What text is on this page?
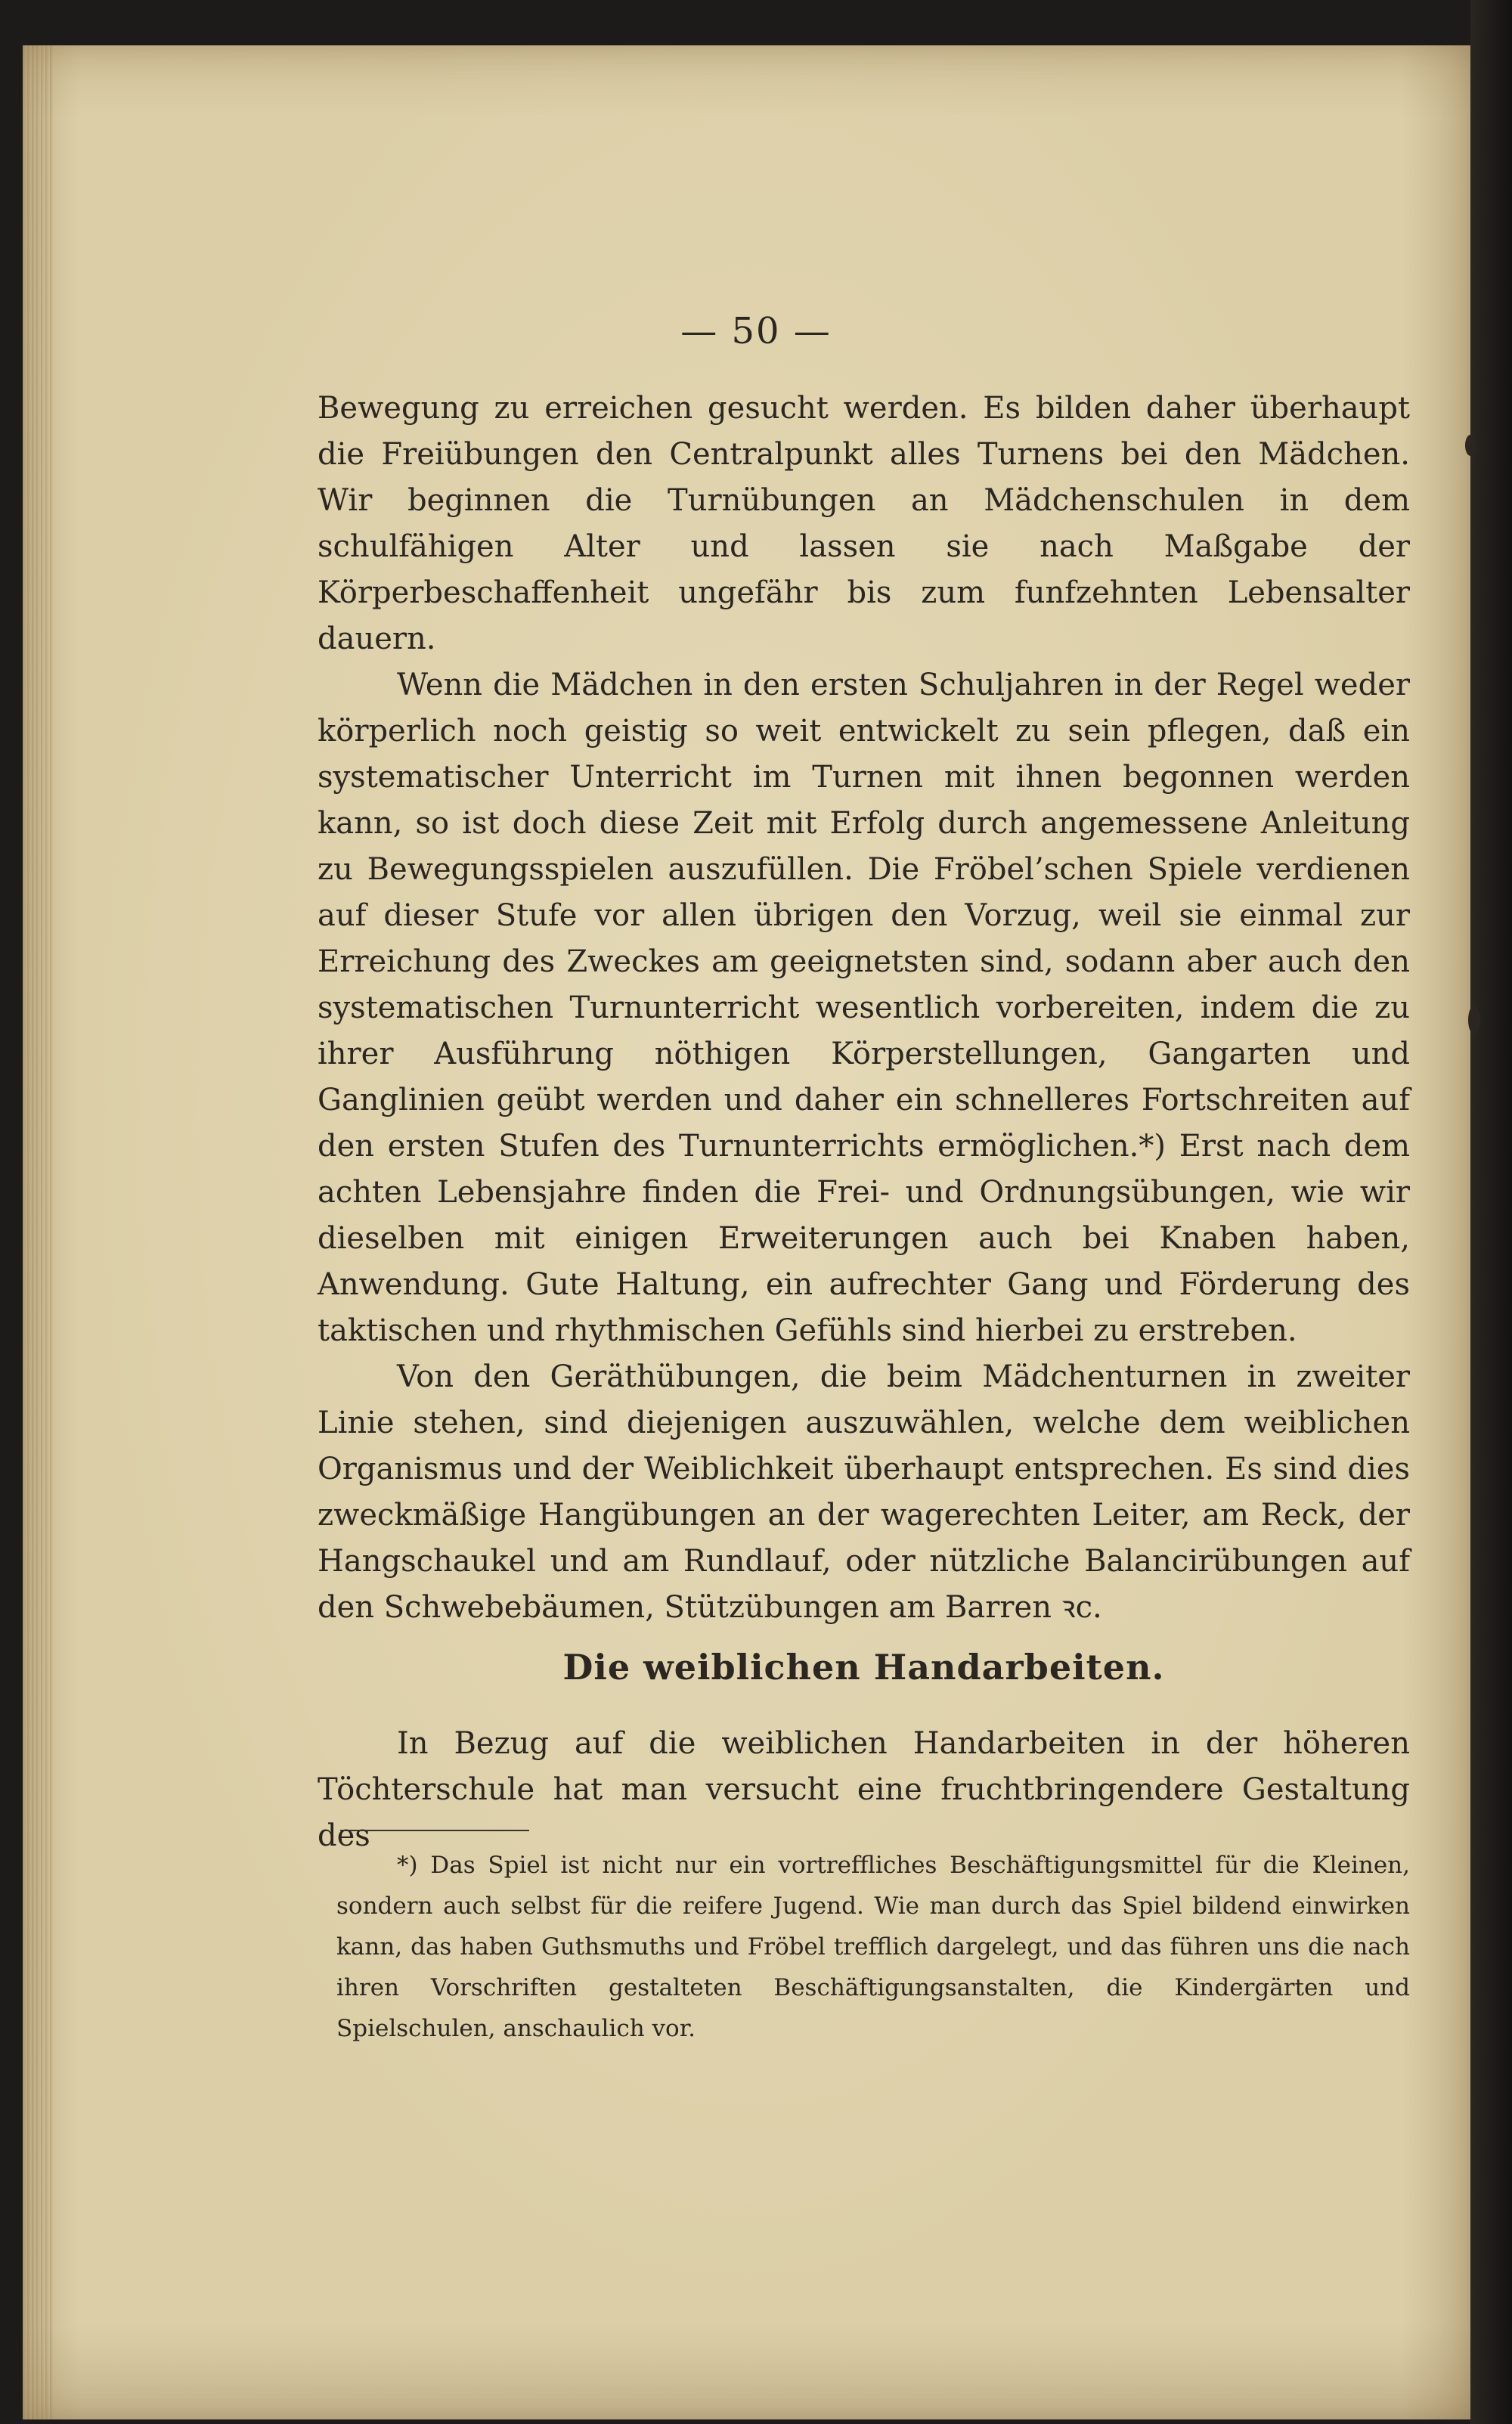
— 50 —

Bewegung zu erreichen gesucht werden. Es bilden daher überhaupt die Freiübungen den Centralpunkt alles Turnens bei den Mädchen. Wir beginnen die Turnübungen an Mädchenschulen in dem schulfähigen Alter und lassen sie nach Maßgabe der Körperbeschaffenheit ungefähr bis zum funfzehnten Lebensalter dauern.

Wenn die Mädchen in den ersten Schuljahren in der Regel weder körperlich noch geistig so weit entwickelt zu sein pflegen, daß ein systematischer Unterricht im Turnen mit ihnen begonnen werden kann, so ist doch diese Zeit mit Erfolg durch angemessene Anleitung zu Bewegungsspielen auszufüllen. Die Fröbel’schen Spiele verdienen auf dieser Stufe vor allen übrigen den Vorzug, weil sie einmal zur Erreichung des Zweckes am geeignetsten sind, sodann aber auch den systematischen Turnunterricht wesentlich vorbereiten, indem die zu ihrer Ausführung nöthigen Körperstellungen, Gangarten und Ganglinien geübt werden und daher ein schnelleres Fortschreiten auf den ersten Stufen des Turnunterrichts ermöglichen.*) Erst nach dem achten Lebensjahre finden die Frei- und Ordnungsübungen, wie wir dieselben mit einigen Erweiterungen auch bei Knaben haben, Anwendung. Gute Haltung, ein aufrechter Gang und Förderung des taktischen und rhythmischen Gefühls sind hierbei zu erstreben.

Von den Geräthübungen, die beim Mädchenturnen in zweiter Linie stehen, sind diejenigen auszuwählen, welche dem weiblichen Organismus und der Weiblichkeit überhaupt entsprechen. Es sind dies zweckmäßige Hangübungen an der wagerechten Leiter, am Reck, der Hangschaukel und am Rundlauf, oder nützliche Balancirübungen auf den Schwebebäumen, Stützübungen am Barren ꝛc.

Die weiblichen Handarbeiten.

In Bezug auf die weiblichen Handarbeiten in der höheren Töchterschule hat man versucht eine fruchtbringendere Gestaltung des

*) Das Spiel ist nicht nur ein vortreffliches Beschäftigungsmittel für die Kleinen, sondern auch selbst für die reifere Jugend. Wie man durch das Spiel bildend einwirken kann, das haben Guthsmuths und Fröbel trefflich dargelegt, und das führen uns die nach ihren Vorschriften gestalteten Beschäftigungsanstalten, die Kindergärten und Spielschulen, anschaulich vor.
